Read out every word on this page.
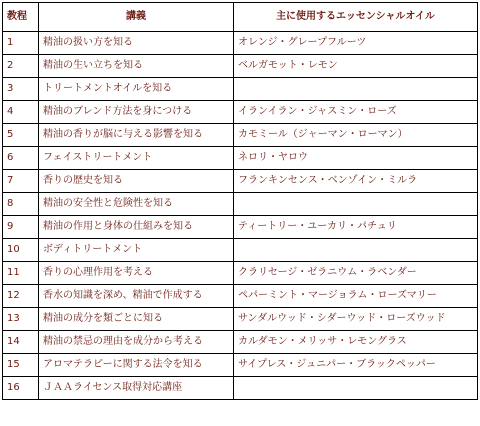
教程	講義	主に使用するエッセンシャルオイル
1	精油の扱い方を知る	オレンジ・グレープフルーツ
2	精油の生い立ちを知る	ベルガモット・レモン
3	トリートメントオイルを知る	
4	精油のブレンド方法を身につける	イランイラン・ジャスミン・ローズ
5	精油の香りが脳に与える影響を知る	カモミール（ジャーマン・ローマン）
6	フェイストリートメント	ネロリ・ヤロウ
7	香りの歴史を知る	フランキンセンス・ベンゾイン・ミルラ
8	精油の安全性と危険性を知る	
9	精油の作用と身体の仕組みを知る	ティートリー・ユーカリ・パチュリ
10	ボディトリートメント	
11	香りの心理作用を考える	クラリセージ・ゼラニウム・ラベンダー
12	香水の知識を深め、精油で作成する	ペパーミント・マージョラム・ローズマリー
13	精油の成分を類ごとに知る	サンダルウッド・シダーウッド・ローズウッド
14	精油の禁忌の理由を成分から考える	カルダモン・メリッサ・レモングラス
15	アロマテラピーに関する法令を知る	サイプレス・ジュニパー・ブラックペッパー
16	ＪＡＡライセンス取得対応講座	
